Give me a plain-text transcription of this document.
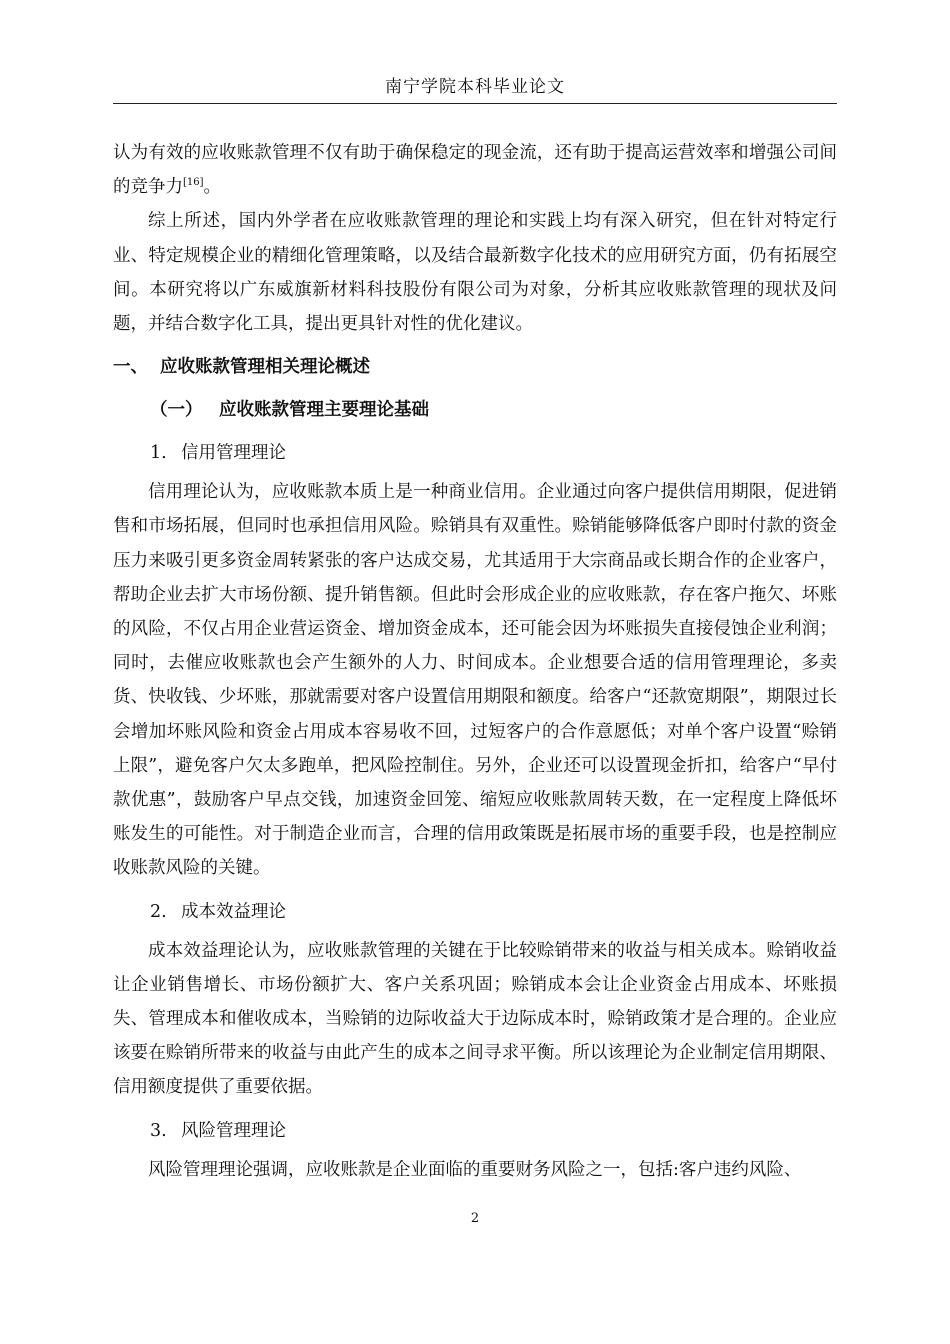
南宁学院本科毕业论文

认为有效的应收账款管理不仅有助于确保稳定的现金流，还有助于提高运营效率和增强公司间的竞争力[16]。

综上所述，国内外学者在应收账款管理的理论和实践上均有深入研究，但在针对特定行业、特定规模企业的精细化管理策略，以及结合最新数字化技术的应用研究方面，仍有拓展空间。本研究将以广东威旗新材料科技股份有限公司为对象，分析其应收账款管理的现状及问题，并结合数字化工具，提出更具针对性的优化建议。

一、 应收账款管理相关理论概述
（一） 应收账款管理主要理论基础
1. 信用管理理论

信用理论认为，应收账款本质上是一种商业信用。企业通过向客户提供信用期限，促进销售和市场拓展，但同时也承担信用风险。赊销具有双重性。赊销能够降低客户即时付款的资金压力来吸引更多资金周转紧张的客户达成交易，尤其适用于大宗商品或长期合作的企业客户，帮助企业去扩大市场份额、提升销售额。但此时会形成企业的应收账款，存在客户拖欠、坏账的风险，不仅占用企业营运资金、增加资金成本，还可能会因为坏账损失直接侵蚀企业利润；同时，去催应收账款也会产生额外的人力、时间成本。企业想要合适的信用管理理论，多卖货、快收钱、少坏账，那就需要对客户设置信用期限和额度。给客户“还款宽期限”，期限过长会增加坏账风险和资金占用成本容易收不回，过短客户的合作意愿低；对单个客户设置“赊销上限”，避免客户欠太多跑单，把风险控制住。另外，企业还可以设置现金折扣，给客户“早付款优惠”，鼓励客户早点交钱，加速资金回笼、缩短应收账款周转天数，在一定程度上降低坏账发生的可能性。对于制造企业而言，合理的信用政策既是拓展市场的重要手段，也是控制应收账款风险的关键。

2. 成本效益理论

成本效益理论认为，应收账款管理的关键在于比较赊销带来的收益与相关成本。赊销收益让企业销售增长、市场份额扩大、客户关系巩固；赊销成本会让企业资金占用成本、坏账损失、管理成本和催收成本，当赊销的边际收益大于边际成本时，赊销政策才是合理的。企业应该要在赊销所带来的收益与由此产生的成本之间寻求平衡。所以该理论为企业制定信用期限、信用额度提供了重要依据。

3. 风险管理理论

风险管理理论强调，应收账款是企业面临的重要财务风险之一，包括:客户违约风险、

2
